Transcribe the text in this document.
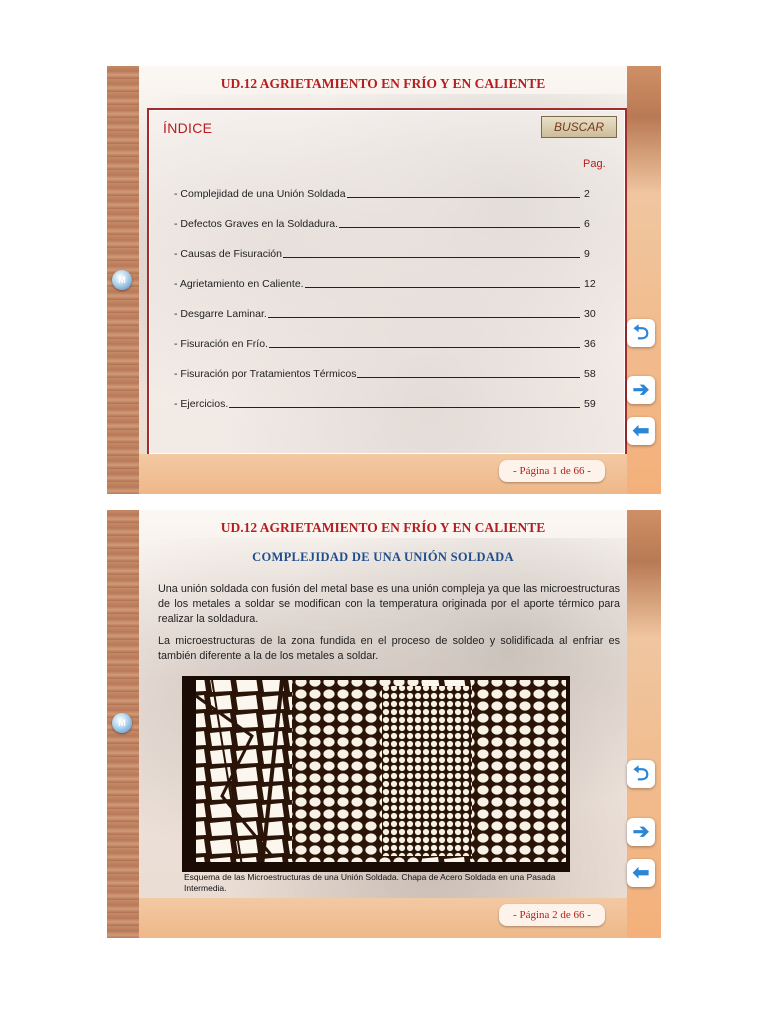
UD.12 AGRIETAMIENTO EN FRÍO Y EN CALIENTE
ÍNDICE	BUSCAR
Pag.
- Complejidad de una Unión Soldada	2
- Defectos Graves en la Soldadura.	6
- Causas de Fisuración	9
- Agrietamiento en Caliente.	12
- Desgarre Laminar.	30
- Fisuración en Frío.	36
- Fisuración por Tratamientos Térmicos	58
- Ejercicios.	59
- Página 1 de 66 -
M
⮌
➔
⬅
UD.12 AGRIETAMIENTO EN FRÍO Y EN CALIENTE
COMPLEJIDAD DE UNA UNIÓN SOLDADA
Una unión soldada con fusión del metal base es una unión compleja ya que las microestructuras de los metales a soldar se modifican con la temperatura originada por el aporte térmico para realizar la soldadura.
La microestructuras de la zona fundida en el proceso de soldeo y solidificada al enfriar es también diferente a la de los metales a soldar.
Esquema de las Microestructuras de una Unión Soldada. Chapa de Acero Soldada en una Pasada Intermedia.
- Página 2 de 66 -
M
⮌
➔
⬅
